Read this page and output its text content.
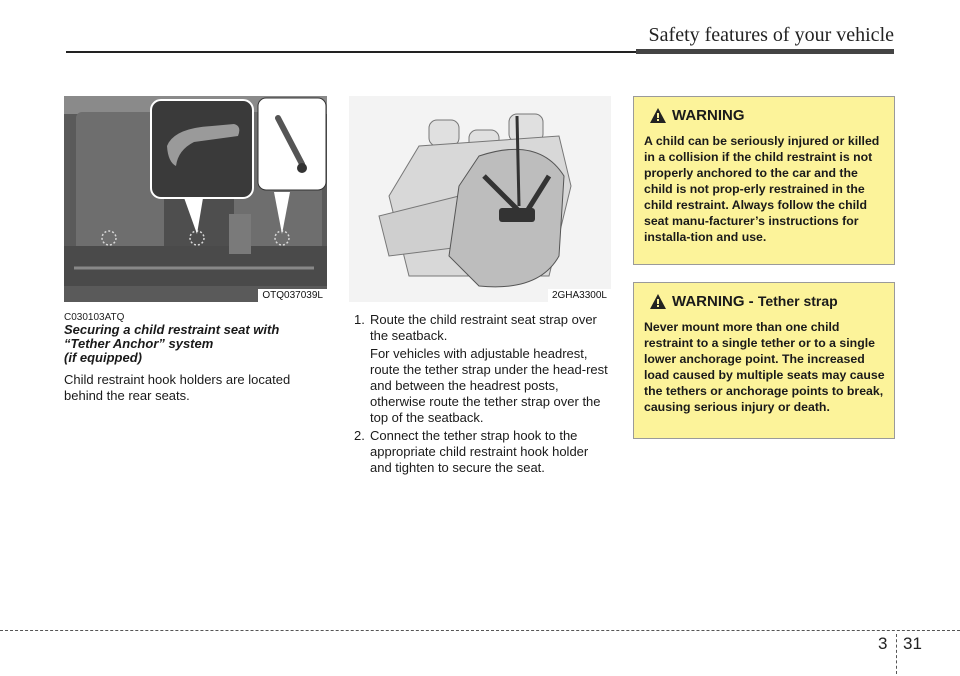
Safety features of your vehicle
OTQ037039L
C030103ATQ
Securing a child restraint seat with
“Tether Anchor” system
(if equipped)
Child restraint hook holders are located behind the rear seats.
2GHA3300L
1. Route the child restraint seat strap over the seatback.
For vehicles with adjustable headrest, route the tether strap under the head-rest and between the headrest posts, otherwise route the tether strap over the top of the seatback.
2. Connect the tether strap hook to the appropriate child restraint hook holder and tighten to secure the seat.
WARNING
A child can be seriously injured or killed in a collision if the child restraint is not properly anchored to the car and the child is not prop-erly restrained in the child restraint. Always follow the child seat manu-facturer’s instructions for installa-tion and use.
WARNING - Tether strap
Never mount more than one child restraint to a single tether or to a single lower anchorage point. The increased load caused by multiple seats may cause the tethers or anchorage points to break, causing serious injury or death.
3 31
